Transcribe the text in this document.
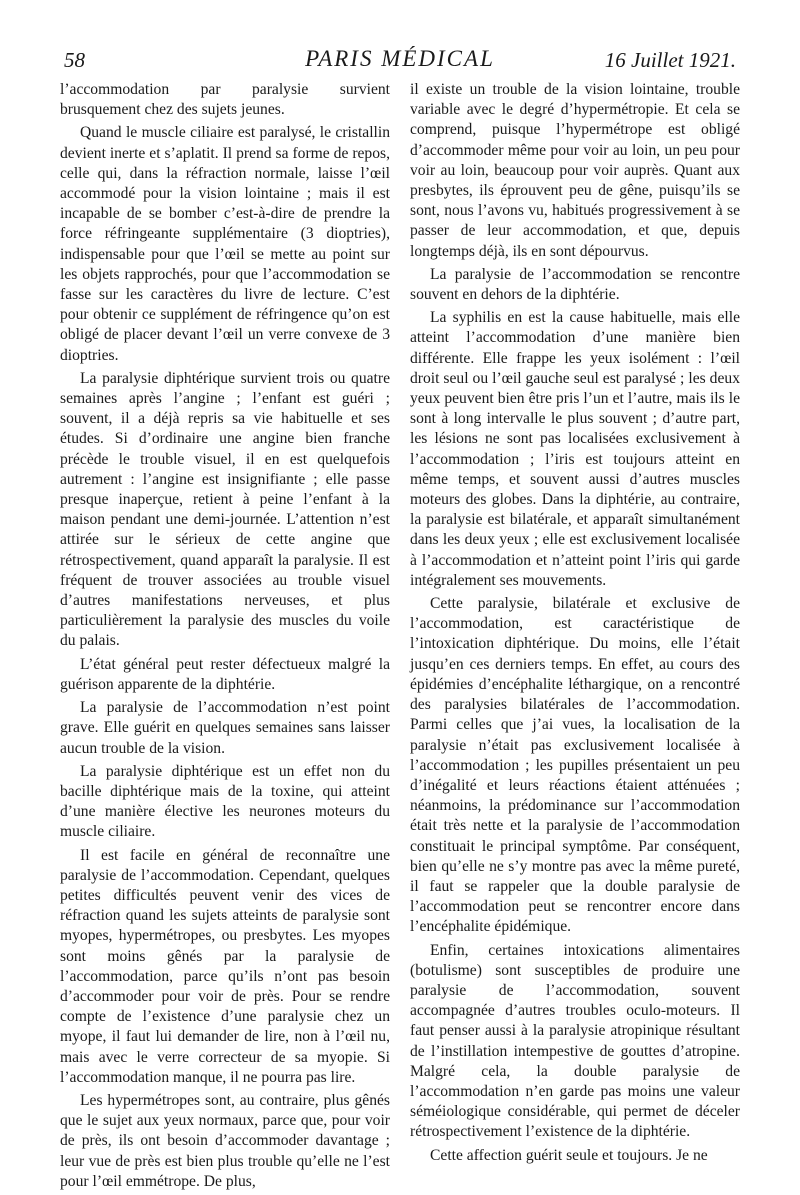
58	PARIS MÉDICAL	16 Juillet 1921.

l’accommodation par paralysie survient brusquement chez des sujets jeunes.

Quand le muscle ciliaire est paralysé, le cristallin devient inerte et s’aplatit. Il prend sa forme de repos, celle qui, dans la réfraction normale, laisse l’œil accommodé pour la vision lointaine ; mais il est incapable de se bomber c’est-à-dire de prendre la force réfringeante supplémentaire (3 dioptries), indispensable pour que l’œil se mette au point sur les objets rapprochés, pour que l’accommodation se fasse sur les caractères du livre de lecture. C’est pour obtenir ce supplément de réfringence qu’on est obligé de placer devant l’œil un verre convexe de 3 dioptries.

La paralysie diphtérique survient trois ou quatre semaines après l’angine ; l’enfant est guéri ; souvent, il a déjà repris sa vie habituelle et ses études. Si d’ordinaire une angine bien franche précède le trouble visuel, il en est quelquefois autrement : l’angine est insignifiante ; elle passe presque inaperçue, retient à peine l’enfant à la maison pendant une demi-journée. L’attention n’est attirée sur le sérieux de cette angine que rétrospectivement, quand apparaît la paralysie. Il est fréquent de trouver associées au trouble visuel d’autres manifestations nerveuses, et plus particulièrement la paralysie des muscles du voile du palais.

L’état général peut rester défectueux malgré la guérison apparente de la diphtérie.

La paralysie de l’accommodation n’est point grave. Elle guérit en quelques semaines sans laisser aucun trouble de la vision.

La paralysie diphtérique est un effet non du bacille diphtérique mais de la toxine, qui atteint d’une manière élective les neurones moteurs du muscle ciliaire.

Il est facile en général de reconnaître une paralysie de l’accommodation. Cependant, quelques petites difficultés peuvent venir des vices de réfraction quand les sujets atteints de paralysie sont myopes, hypermétropes, ou presbytes. Les myopes sont moins gênés par la paralysie de l’accommodation, parce qu’ils n’ont pas besoin d’accommoder pour voir de près. Pour se rendre compte de l’existence d’une paralysie chez un myope, il faut lui demander de lire, non à l’œil nu, mais avec le verre correcteur de sa myopie. Si l’accommodation manque, il ne pourra pas lire.

Les hypermétropes sont, au contraire, plus gênés que le sujet aux yeux normaux, parce que, pour voir de près, ils ont besoin d’accommoder davantage ; leur vue de près est bien plus trouble qu’elle ne l’est pour l’œil emmétrope. De plus,

il existe un trouble de la vision lointaine, trouble variable avec le degré d’hypermétropie. Et cela se comprend, puisque l’hypermétrope est obligé d’accommoder même pour voir au loin, un peu pour voir au loin, beaucoup pour voir auprès. Quant aux presbytes, ils éprouvent peu de gêne, puisqu’ils se sont, nous l’avons vu, habitués progressivement à se passer de leur accommodation, et que, depuis longtemps déjà, ils en sont dépourvus.

La paralysie de l’accommodation se rencontre souvent en dehors de la diphtérie.

La syphilis en est la cause habituelle, mais elle atteint l’accommodation d’une manière bien différente. Elle frappe les yeux isolément : l’œil droit seul ou l’œil gauche seul est paralysé ; les deux yeux peuvent bien être pris l’un et l’autre, mais ils le sont à long intervalle le plus souvent ; d’autre part, les lésions ne sont pas localisées exclusivement à l’accommodation ; l’iris est toujours atteint en même temps, et souvent aussi d’autres muscles moteurs des globes. Dans la diphtérie, au contraire, la paralysie est bilatérale, et apparaît simultanément dans les deux yeux ; elle est exclusivement localisée à l’accommodation et n’atteint point l’iris qui garde intégralement ses mouvements.

Cette paralysie, bilatérale et exclusive de l’accommodation, est caractéristique de l’intoxication diphtérique. Du moins, elle l’était jusqu’en ces derniers temps. En effet, au cours des épidémies d’encéphalite léthargique, on a rencontré des paralysies bilatérales de l’accommodation. Parmi celles que j’ai vues, la localisation de la paralysie n’était pas exclusivement localisée à l’accommodation ; les pupilles présentaient un peu d’inégalité et leurs réactions étaient atténuées ; néanmoins, la prédominance sur l’accommodation était très nette et la paralysie de l’accommodation constituait le principal symptôme. Par conséquent, bien qu’elle ne s’y montre pas avec la même pureté, il faut se rappeler que la double paralysie de l’accommodation peut se rencontrer encore dans l’encéphalite épidémique.

Enfin, certaines intoxications alimentaires (botulisme) sont susceptibles de produire une paralysie de l’accommodation, souvent accompagnée d’autres troubles oculo-moteurs. Il faut penser aussi à la paralysie atropinique résultant de l’instillation intempestive de gouttes d’atropine. Malgré cela, la double paralysie de l’accommodation n’en garde pas moins une valeur séméiologique considérable, qui permet de déceler rétrospectivement l’existence de la diphtérie.

Cette affection guérit seule et toujours. Je ne
